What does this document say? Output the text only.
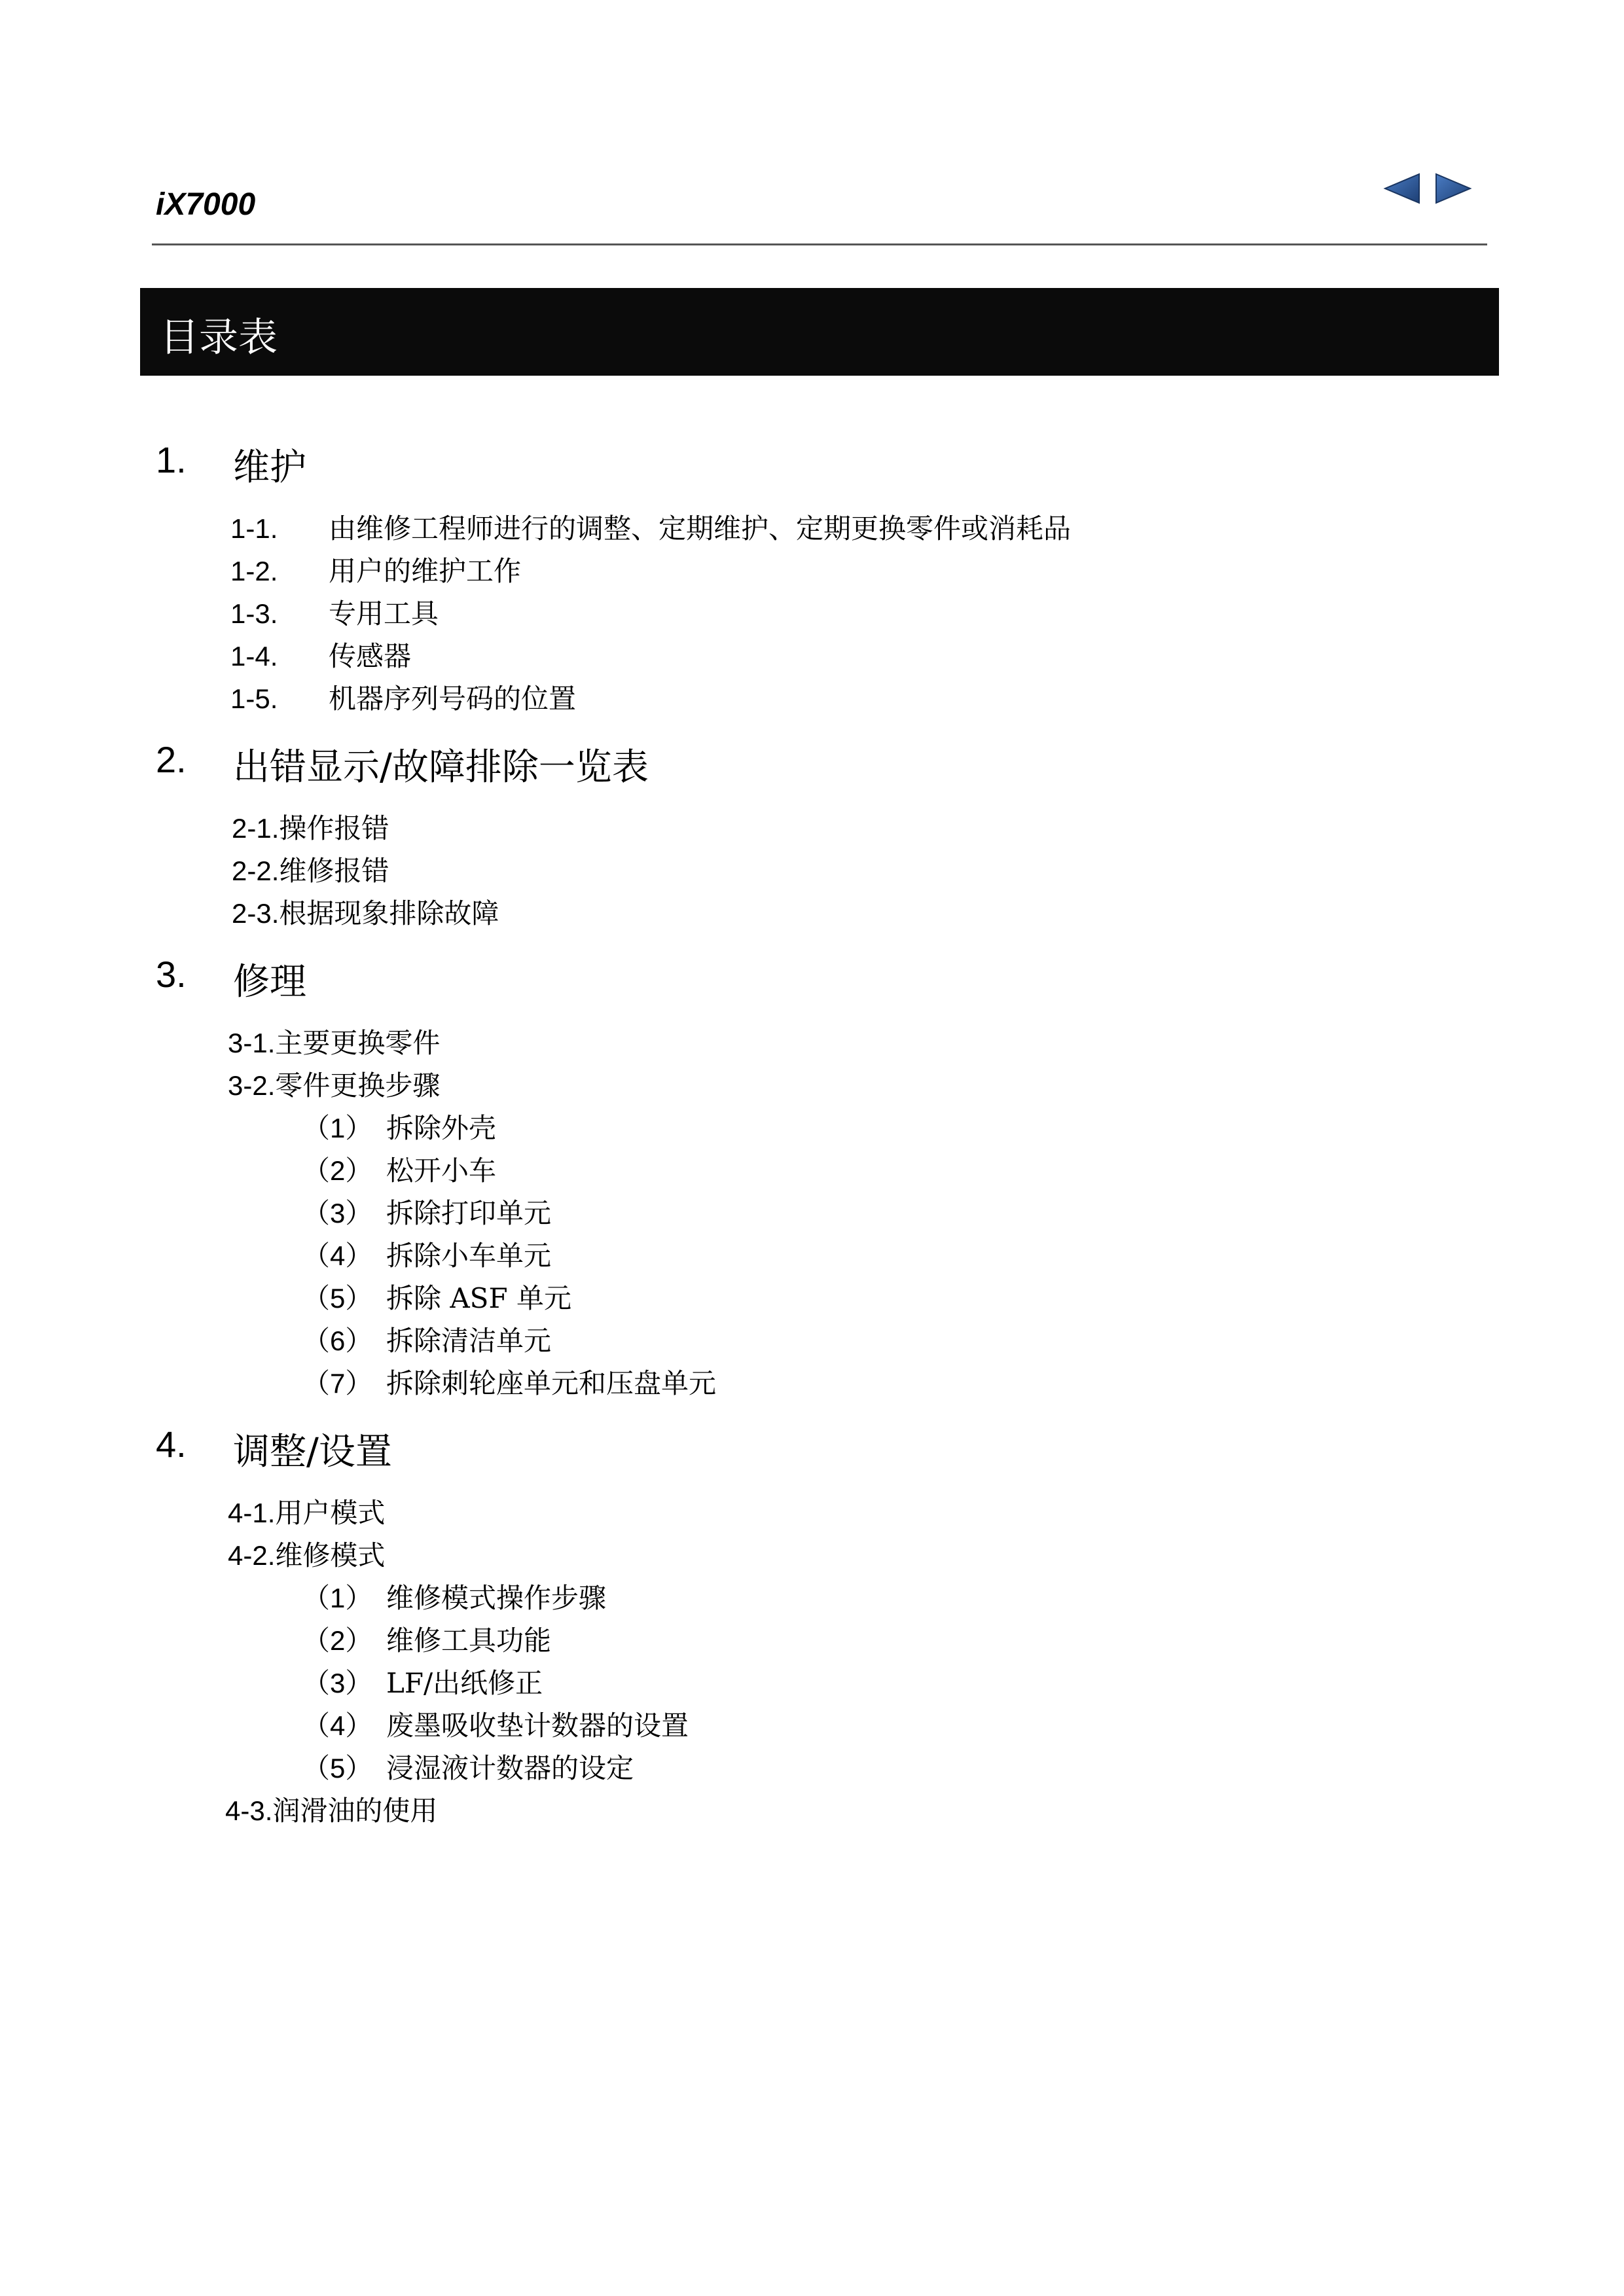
iX7000
目录表
1. 维护
1-1. 由维修工程师进行的调整、定期维护、定期更换零件或消耗品
1-2. 用户的维护工作
1-3. 专用工具
1-4. 传感器
1-5. 机器序列号码的位置
2. 出错显示/故障排除一览表
2-1.操作报错
2-2.维修报错
2-3.根据现象排除故障
3. 修理
3-1.主要更换零件
3-2.零件更换步骤
（1） 拆除外壳
（2） 松开小车
（3） 拆除打印单元
（4） 拆除小车单元
（5） 拆除 ASF 单元
（6） 拆除清洁单元
（7） 拆除刺轮座单元和压盘单元
4. 调整/设置
4-1.用户模式
4-2.维修模式
（1） 维修模式操作步骤
（2） 维修工具功能
（3） LF/出纸修正
（4） 废墨吸收垫计数器的设置
（5） 浸湿液计数器的设定
4-3.润滑油的使用
